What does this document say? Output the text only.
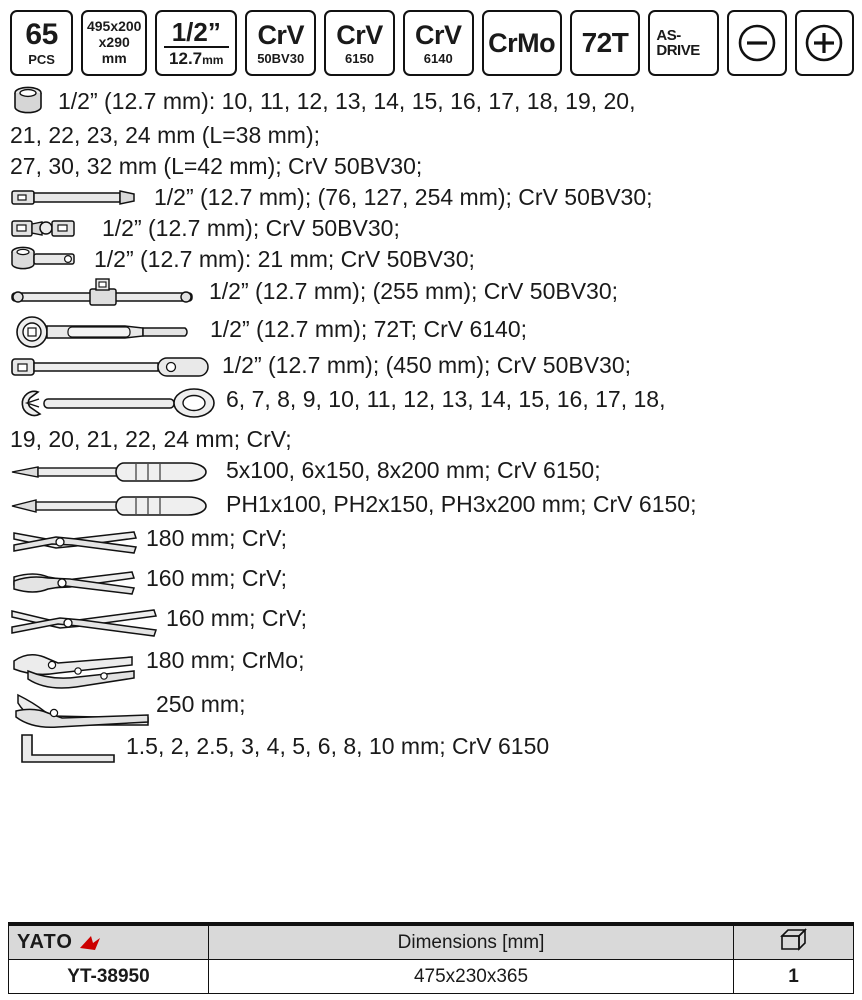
65
PCS
495x200
x290
mm
1/2”
12.7mm
CrV
50BV30
CrV
6150
CrV
6140
CrMo 72T AS-DRIVE
1/2” (12.7 mm): 10, 11, 12, 13, 14, 15, 16, 17, 18, 19, 20,
21, 22, 23, 24 mm (L=38 mm);
27, 30, 32 mm (L=42 mm); CrV 50BV30;
1/2” (12.7 mm); (76, 127, 254 mm); CrV 50BV30;
1/2” (12.7 mm); CrV 50BV30;
1/2” (12.7 mm): 21 mm; CrV 50BV30;
1/2” (12.7 mm); (255 mm); CrV 50BV30;
1/2” (12.7 mm); 72T; CrV 6140;
1/2” (12.7 mm); (450 mm); CrV 50BV30;
6, 7, 8, 9, 10, 11, 12, 13, 14, 15, 16, 17, 18,
19, 20, 21, 22, 24 mm; CrV;
5x100, 6x150, 8x200 mm; CrV 6150;
PH1x100, PH2x150, PH3x200 mm; CrV 6150;
180 mm; CrV;
160 mm; CrV;
160 mm; CrV;
180 mm; CrMo;
250 mm;
1.5, 2, 2.5, 3, 4, 5, 6, 8, 10 mm; CrV 6150
YATO	Dimensions [mm]	
YT-38950	475x230x365	1
